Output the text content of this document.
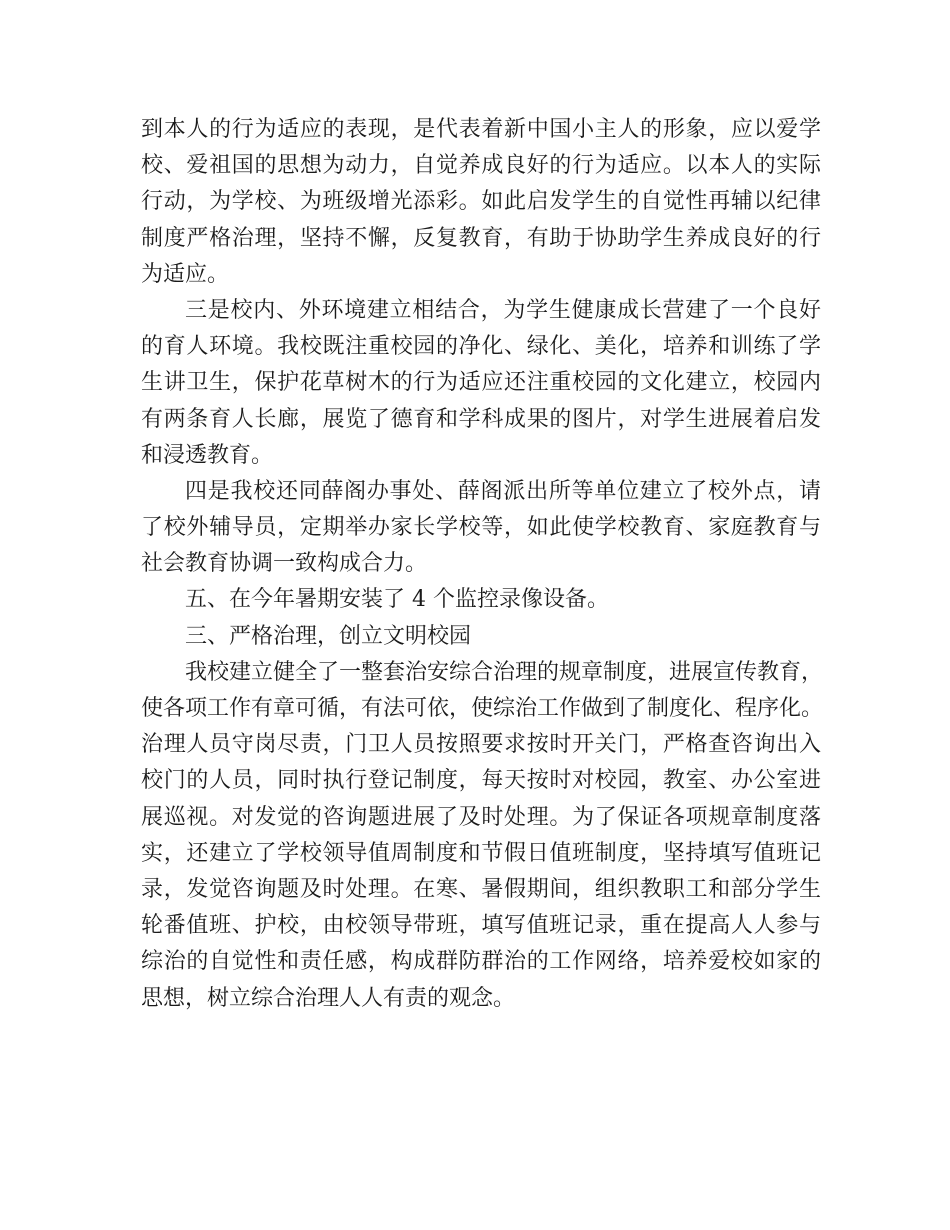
到本人的行为适应的表现，是代表着新中国小主人的形象，应以爱学
校、爱祖国的思想为动力，自觉养成良好的行为适应。以本人的实际
行动，为学校、为班级增光添彩。如此启发学生的自觉性再辅以纪律
制度严格治理，坚持不懈，反复教育，有助于协助学生养成良好的行
为适应。
三是校内、外环境建立相结合，为学生健康成长营建了一个良好
的育人环境。我校既注重校园的净化、绿化、美化，培养和训练了学
生讲卫生，保护花草树木的行为适应还注重校园的文化建立，校园内
有两条育人长廊，展览了德育和学科成果的图片，对学生进展着启发
和浸透教育。
四是我校还同薛阁办事处、薛阁派出所等单位建立了校外点，请
了校外辅导员，定期举办家长学校等，如此使学校教育、家庭教育与
社会教育协调一致构成合力。
五、在今年暑期安装了 4 个监控录像设备。
三、严格治理，创立文明校园
我校建立健全了一整套治安综合治理的规章制度，进展宣传教育，
使各项工作有章可循，有法可依，使综治工作做到了制度化、程序化。
治理人员守岗尽责，门卫人员按照要求按时开关门，严格查咨询出入
校门的人员，同时执行登记制度，每天按时对校园，教室、办公室进
展巡视。对发觉的咨询题进展了及时处理。为了保证各项规章制度落
实，还建立了学校领导值周制度和节假日值班制度，坚持填写值班记
录，发觉咨询题及时处理。在寒、暑假期间，组织教职工和部分学生
轮番值班、护校，由校领导带班，填写值班记录，重在提高人人参与
综治的自觉性和责任感，构成群防群治的工作网络，培养爱校如家的
思想，树立综合治理人人有责的观念。
